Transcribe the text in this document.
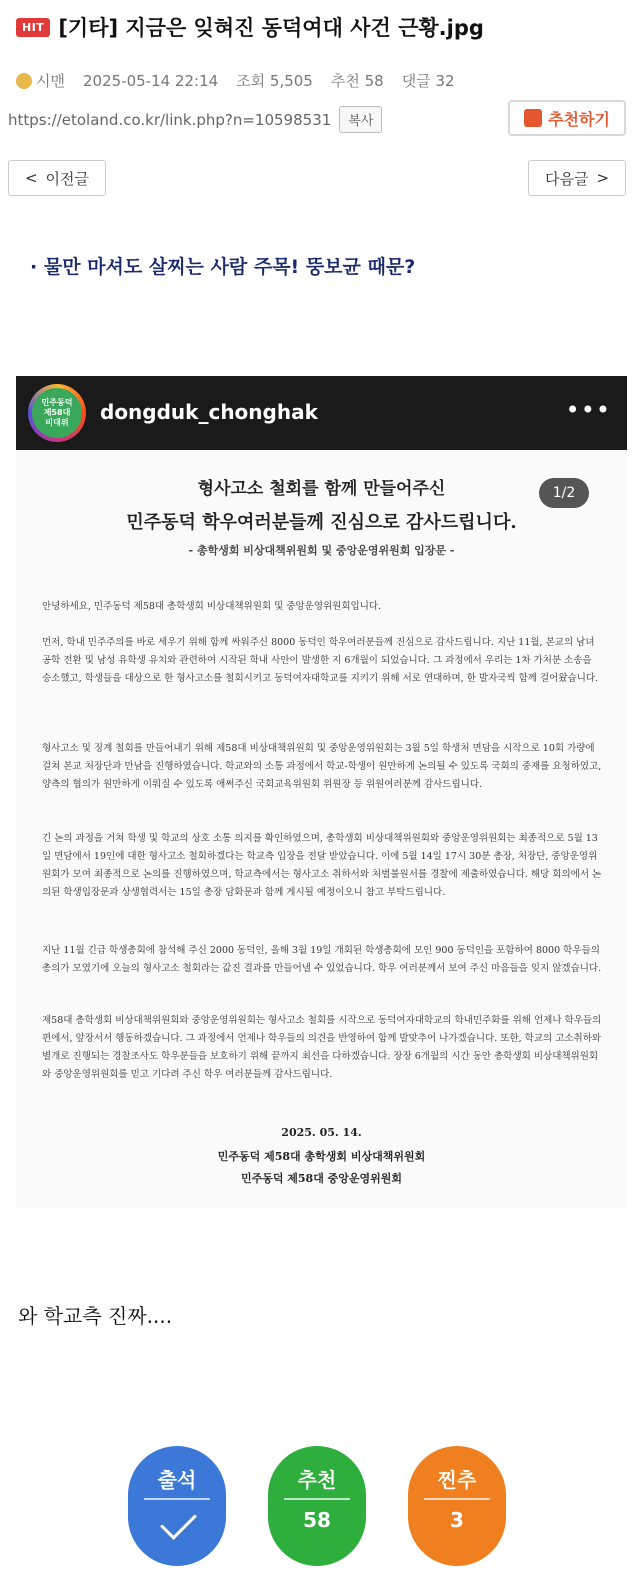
HIT [기타] 지금은 잊혀진 동덕여대 사건 근황.jpg
시맨 2025-05-14 22:14 조회 5,505 추천 58 댓글 32
https://etoland.co.kr/link.php?n=10598531	복사	추천하기
< 이전글	다음글 >
· 물만 마셔도 살찌는 사람 주목! 뚱보균 때문?
민주동덕
제58대
비대위 dongduk_chonghak	•••
1/2
형사고소 철회를 함께 만들어주신
민주동덕 학우여러분들께 진심으로 감사드립니다.
- 총학생회 비상대책위원회 및 중앙운영위원회 입장문 -

안녕하세요, 민주동덕 제58대 총학생회 비상대책위원회 및 중앙운영위원회입니다.

먼저, 학내 민주주의를 바로 세우기 위해 함께 싸워주신 8000 동덕인 학우여러분들께 진심으로 감사드립니다. 지난 11월, 본교의 남녀공학 전환 및 남성 유학생 유치와 관련하여 시작된 학내 사안이 발생한 지 6개월이 되었습니다. 그 과정에서 우리는 1차 가처분 소송을 승소했고, 학생들을 대상으로 한 형사고소를 철회시키고 동덕여자대학교를 지키기 위해 서로 연대하며, 한 발자국씩 함께 걸어왔습니다.

형사고소 및 징계 철회를 만들어내기 위해 제58대 비상대책위원회 및 중앙운영위원회는 3월 5일 학생처 면담을 시작으로 10회 가량에 걸쳐 본교 처장단과 만남을 진행하였습니다. 학교와의 소통 과정에서 학교-학생이 원만하게 논의될 수 있도록 국회의 중재를 요청하였고, 양측의 협의가 원만하게 이뤄질 수 있도록 애써주신 국회교육위원회 위원장 등 위원여러분께 감사드립니다.

긴 논의 과정을 거쳐 학생 및 학교의 상호 소통 의지를 확인하였으며, 총학생회 비상대책위원회와 중앙운영위원회는 최종적으로 5월 13일 면담에서 19인에 대한 형사고소 철회하겠다는 학교측 입장을 전달 받았습니다. 이에 5월 14일 17시 30분 총장, 처장단, 중앙운영위원회가 모여 최종적으로 논의를 진행하였으며, 학교측에서는 형사고소 취하서와 처벌불원서를 경찰에 제출하였습니다. 해당 회의에서 논의된 학생입장문과 상생협력서는 15일 총장 담화문과 함께 게시될 예정이오니 참고 부탁드립니다.

지난 11월 긴급 학생총회에 참석해 주신 2000 동덕인, 올해 3월 19일 개회된 학생총회에 모인 900 동덕인을 포함하여 8000 학우들의 총의가 모였기에 오늘의 형사고소 철회라는 값진 결과를 만들어낼 수 있었습니다. 학우 여러분께서 보여 주신 마음들을 잊지 않겠습니다.

제58대 총학생회 비상대책위원회와 중앙운영위원회는 형사고소 철회를 시작으로 동덕여자대학교의 학내민주화를 위해 언제나 학우들의 편에서, 앞장서서 행동하겠습니다. 그 과정에서 언제나 학우들의 의견을 반영하여 함께 발맞추어 나가겠습니다. 또한, 학교의 고소취하와 별개로 진행되는 경찰조사도 학우분들을 보호하기 위해 끝까지 최선을 다하겠습니다. 장장 6개월의 시간 동안 총학생회 비상대책위원회와 중앙운영위원회를 믿고 기다려 주신 학우 여러분들께 감사드립니다.

2025. 05. 14.
민주동덕 제58대 총학생회 비상대책위원회
민주동덕 제58대 중앙운영위원회
와 학교측 진짜....
출석	추천
58
찐추
3
